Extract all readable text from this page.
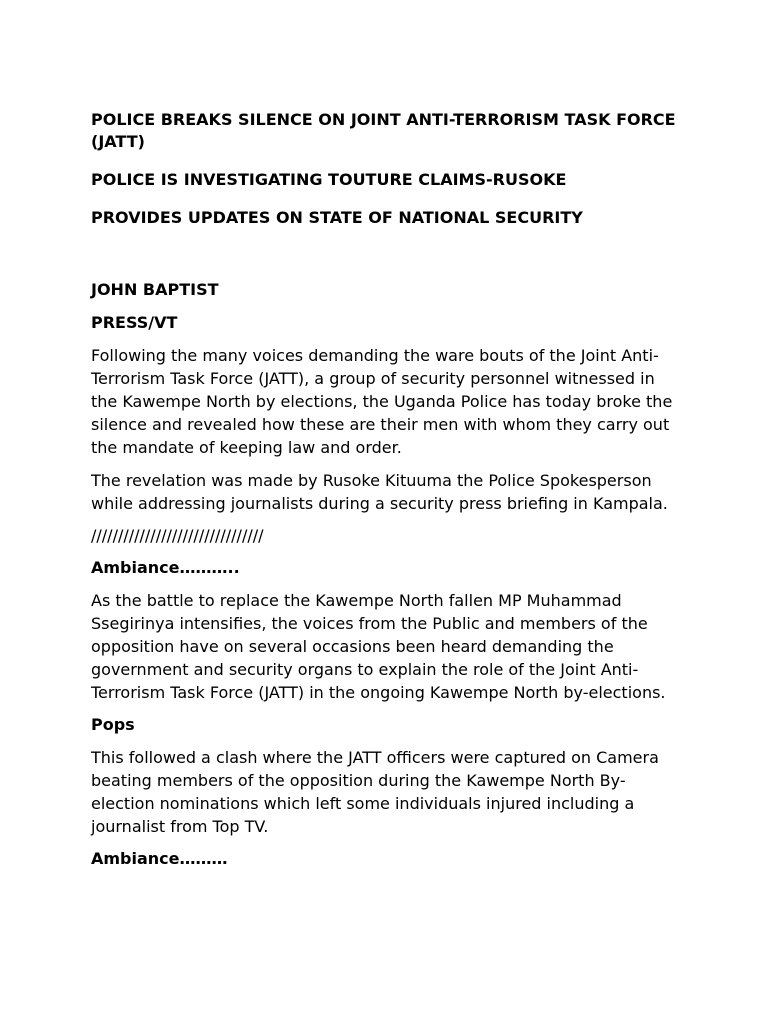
POLICE BREAKS SILENCE ON JOINT ANTI-TERRORISM TASK FORCE (JATT)

POLICE IS INVESTIGATING TOUTURE CLAIMS-RUSOKE

PROVIDES UPDATES ON STATE OF NATIONAL SECURITY

JOHN BAPTIST

PRESS/VT

Following the many voices demanding the ware bouts of the Joint Anti-Terrorism Task Force (JATT), a group of security personnel witnessed in the Kawempe North by elections, the Uganda Police has today broke the silence and revealed how these are their men with whom they carry out the mandate of keeping law and order.

The revelation was made by Rusoke Kituuma the Police Spokesperson while addressing journalists during a security press briefing in Kampala.

////////////////////////////////

Ambiance………..

As the battle to replace the Kawempe North fallen MP Muhammad Ssegirinya intensifies, the voices from the Public and members of the opposition have on several occasions been heard demanding the government and security organs to explain the role of the Joint Anti-Terrorism Task Force (JATT) in the ongoing Kawempe North by-elections.

Pops

This followed a clash where the JATT officers were captured on Camera beating members of the opposition during the Kawempe North By-election nominations which left some individuals injured including a journalist from Top TV.

Ambiance………
